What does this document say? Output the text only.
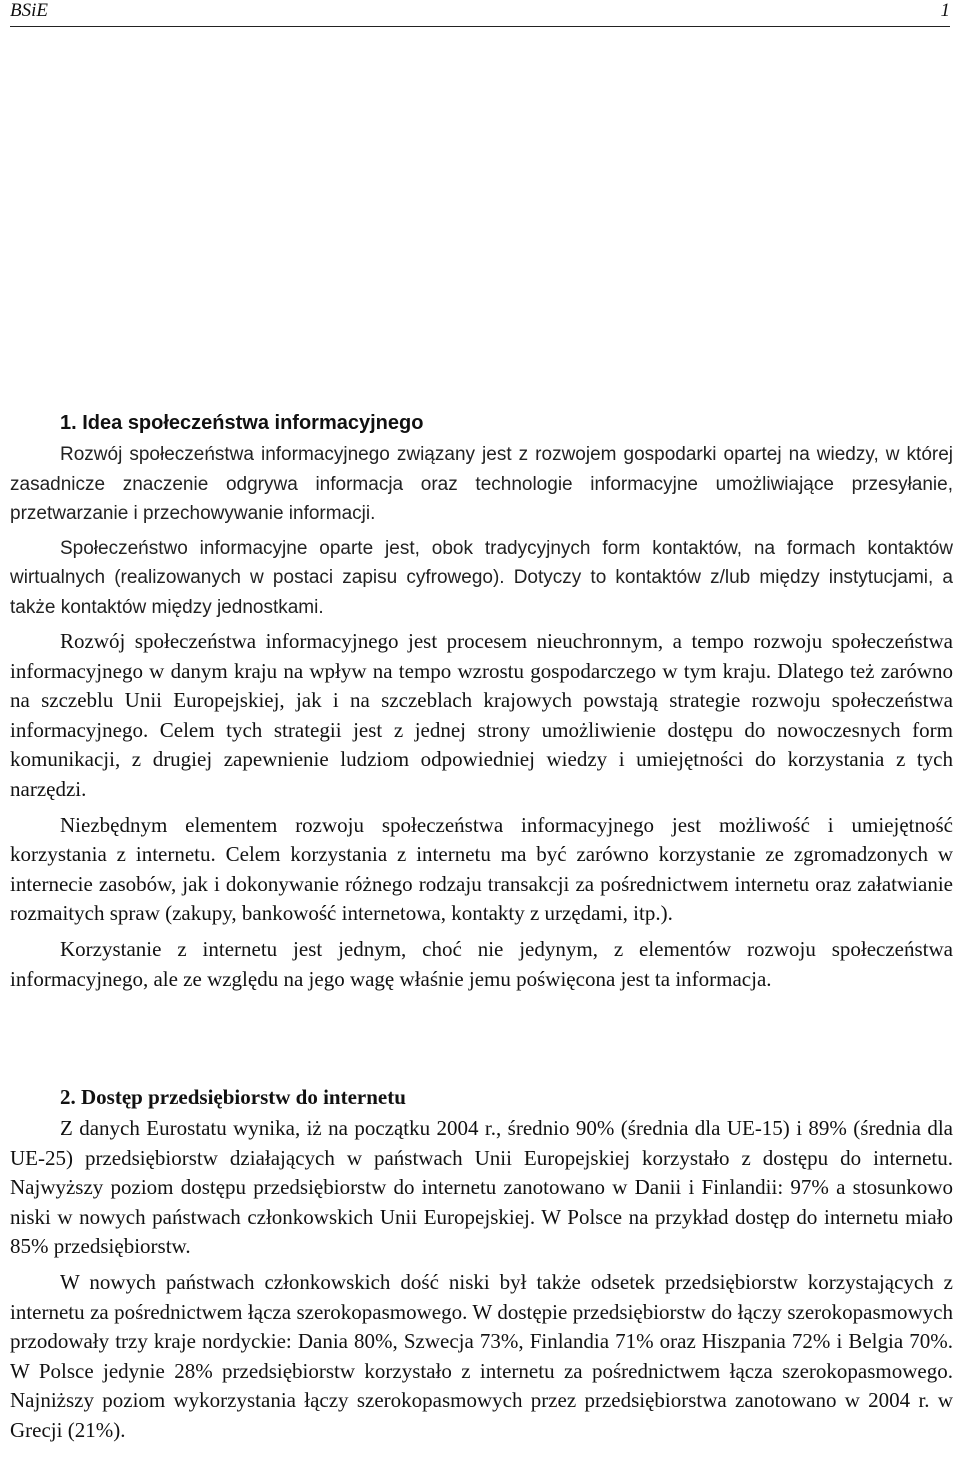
BSiE	1
1. Idea społeczeństwa informacyjnego

Rozwój społeczeństwa informacyjnego związany jest z rozwojem gospodarki opartej na wiedzy, w której zasadnicze znaczenie odgrywa informacja oraz technologie informacyjne umożliwiające przesyłanie, przetwarzanie i przechowywanie informacji.

Społeczeństwo informacyjne oparte jest, obok tradycyjnych form kontaktów, na formach kontaktów wirtualnych (realizowanych w postaci zapisu cyfrowego). Dotyczy to kontaktów z/lub między instytucjami, a także kontaktów między jednostkami.

Rozwój społeczeństwa informacyjnego jest procesem nieuchronnym, a tempo rozwoju społeczeństwa informacyjnego w danym kraju na wpływ na tempo wzrostu gospodarczego w tym kraju. Dlatego też zarówno na szczeblu Unii Europejskiej, jak i na szczeblach krajowych powstają strategie rozwoju społeczeństwa informacyjnego. Celem tych strategii jest z jednej strony umożliwienie dostępu do nowoczesnych form komunikacji, z drugiej zapewnienie ludziom odpowiedniej wiedzy i umiejętności do korzystania z tych narzędzi.

Niezbędnym elementem rozwoju społeczeństwa informacyjnego jest możliwość i umiejętność korzystania z internetu. Celem korzystania z internetu ma być zarówno korzystanie ze zgromadzonych w internecie zasobów, jak i dokonywanie różnego rodzaju transakcji za pośrednictwem internetu oraz załatwianie rozmaitych spraw (zakupy, bankowość internetowa, kontakty z urzędami, itp.).

Korzystanie z internetu jest jednym, choć nie jedynym, z elementów rozwoju społeczeństwa informacyjnego, ale ze względu na jego wagę właśnie jemu poświęcona jest ta informacja.

2. Dostęp przedsiębiorstw do internetu

Z danych Eurostatu wynika, iż na początku 2004 r., średnio 90% (średnia dla UE-15) i 89% (średnia dla UE-25) przedsiębiorstw działających w państwach Unii Europejskiej korzystało z dostępu do internetu. Najwyższy poziom dostępu przedsiębiorstw do internetu zanotowano w Danii i Finlandii: 97% a stosunkowo niski w nowych państwach członkowskich Unii Europejskiej. W Polsce na przykład dostęp do internetu miało 85% przedsiębiorstw.

W nowych państwach członkowskich dość niski był także odsetek przedsiębiorstw korzystających z internetu za pośrednictwem łącza szerokopasmowego. W dostępie przedsiębiorstw do łączy szerokopasmowych przodowały trzy kraje nordyckie: Dania 80%, Szwecja 73%, Finlandia 71% oraz Hiszpania 72% i Belgia 70%. W Polsce jedynie 28% przedsiębiorstw korzystało z internetu za pośrednictwem łącza szerokopasmowego. Najniższy poziom wykorzystania łączy szerokopasmowych przez przedsiębiorstwa zanotowano w 2004 r. w Grecji (21%).
